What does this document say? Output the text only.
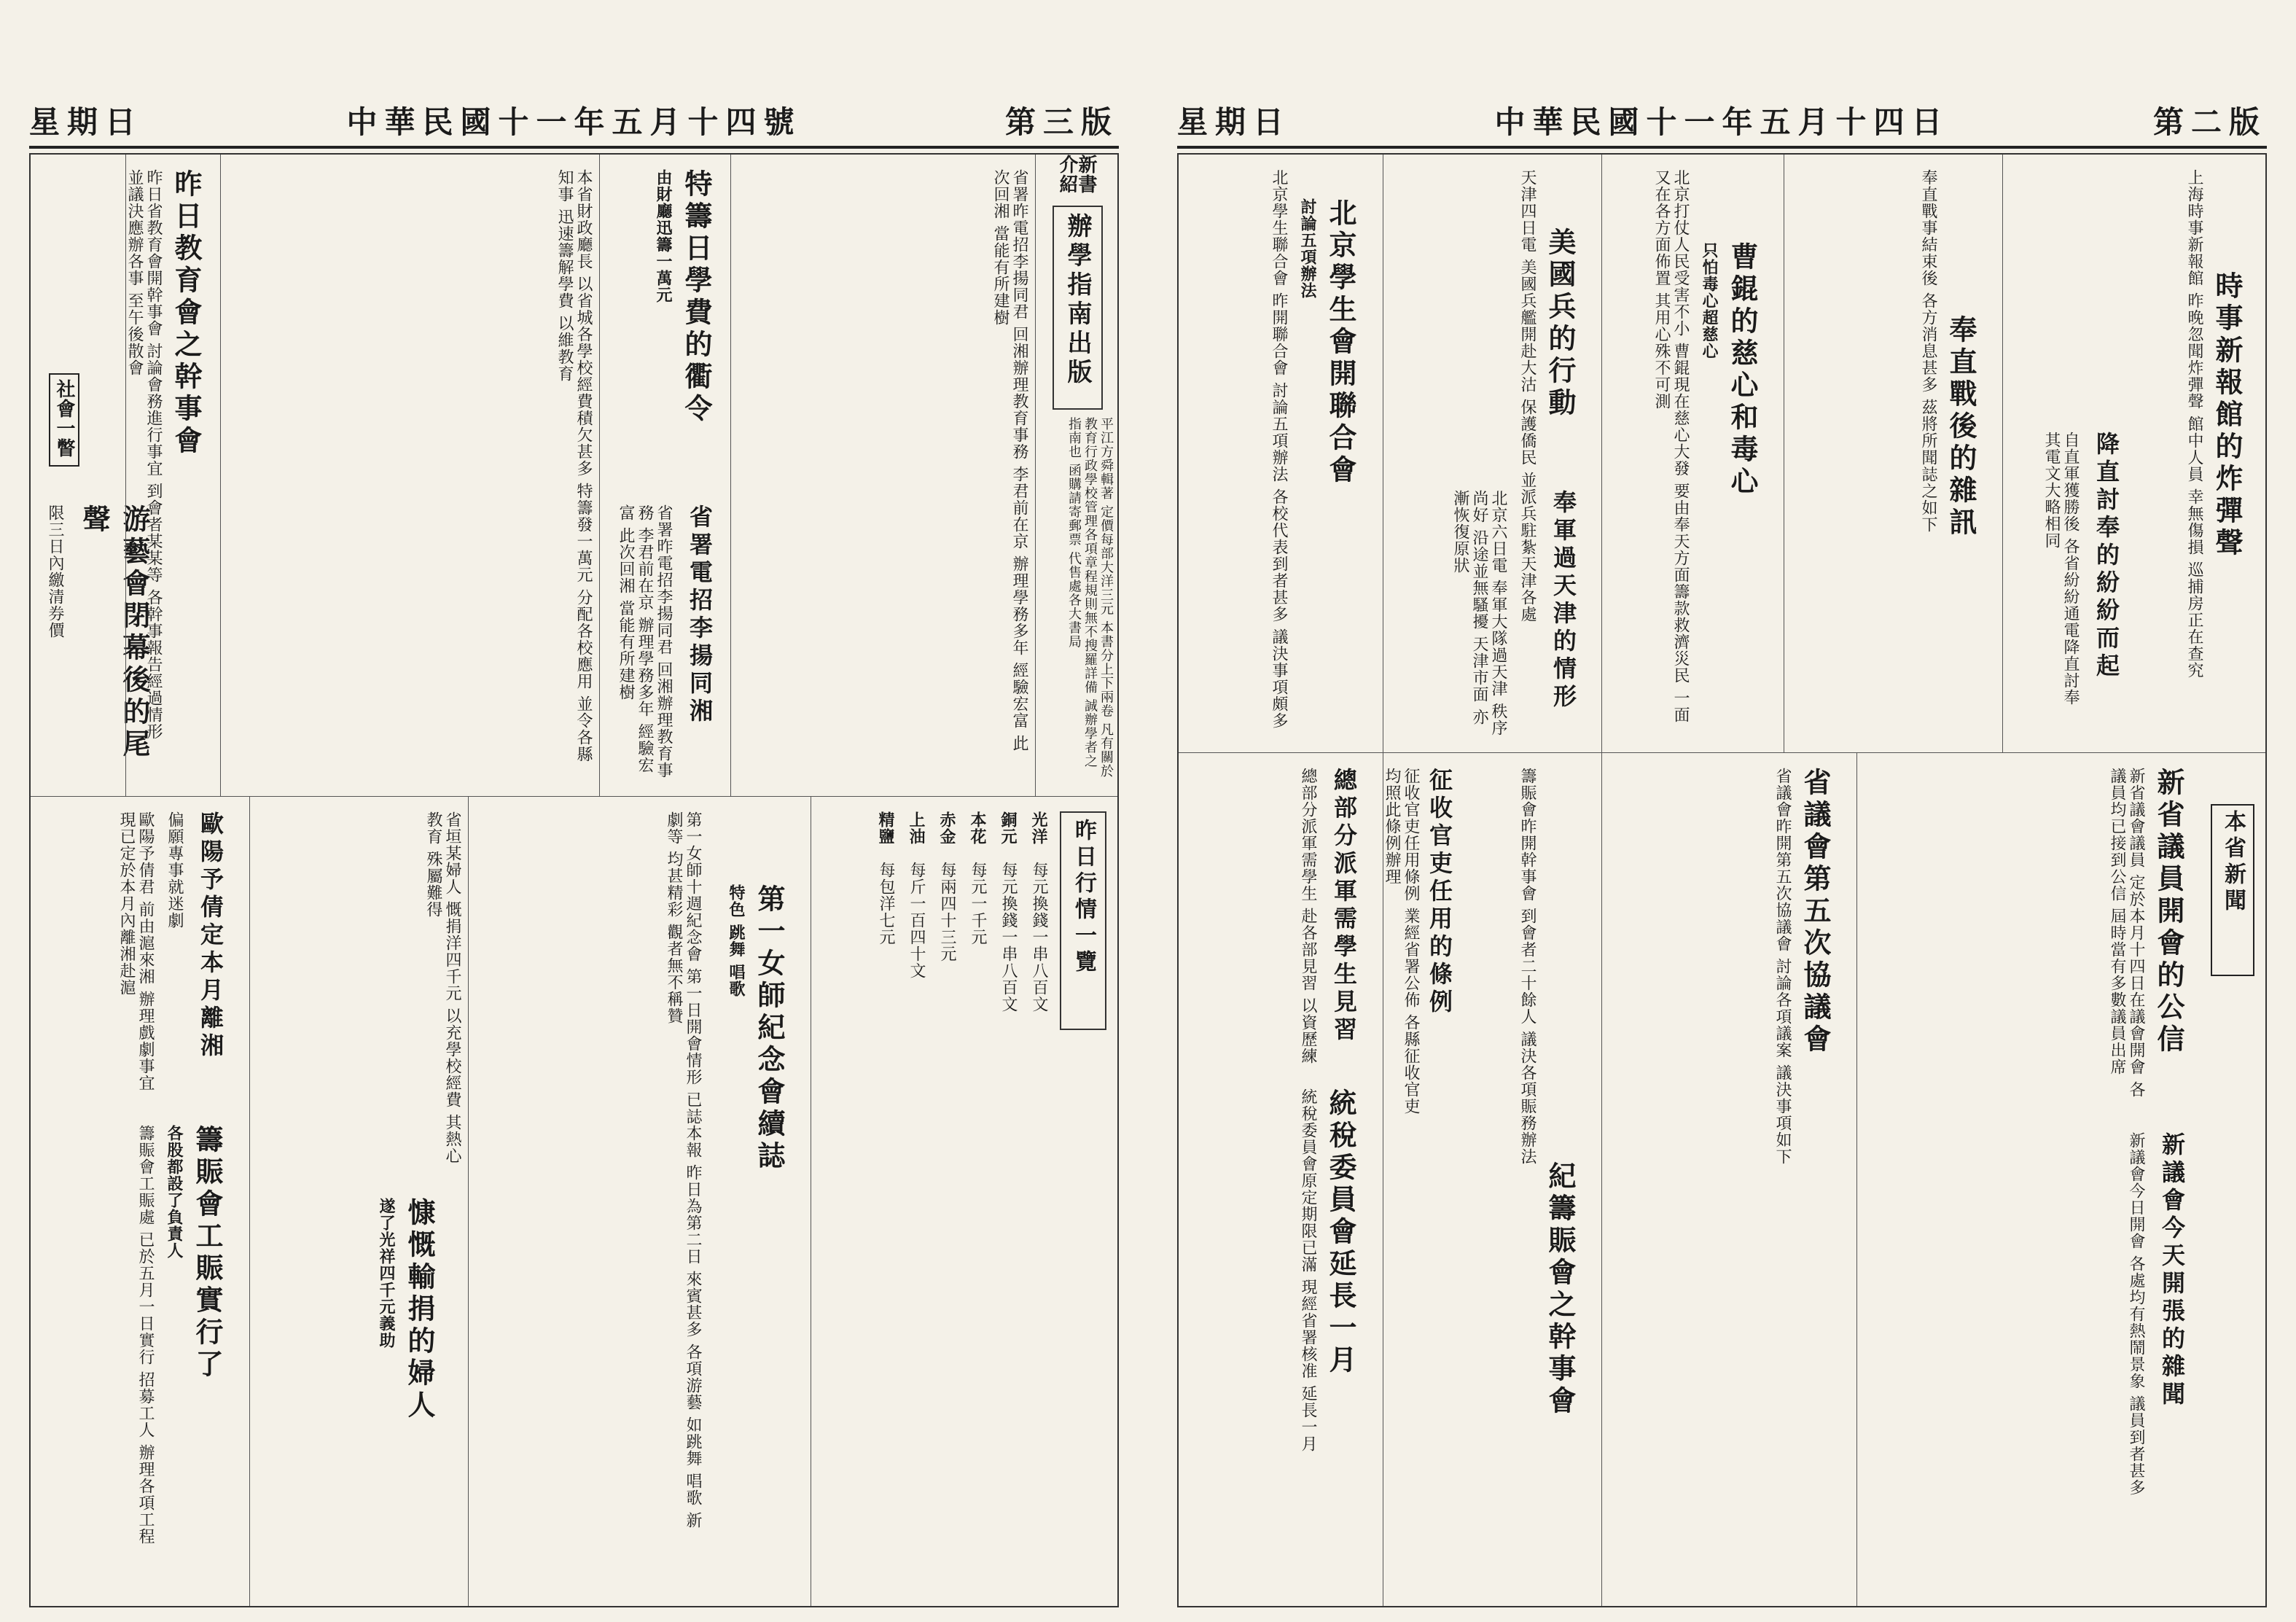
星期日	中華民國十一年五月十四號	第三版
社會一瞥
游藝會閉幕後的尾聲
限三日內繳清券價
昨日教育會之幹事會
昨日省教育會開幹事會 討論會務進行事宜 到會者某某等 各幹事報告經過情形 並議決應辦各事 至午後散會	本省財政廳長 以省城各學校經費積欠甚多 特籌發一萬元 分配各校應用 並令各縣知事 迅速籌解學費 以維教育	特籌日學費的衢令
由財廳迅籌一萬元
省署電招李揚同湘
省署昨電招李揚同君 回湘辦理教育事務 李君前在京 辦理學務多年 經驗宏富 此次回湘 當能有所建樹	省署昨電招李揚同君 回湘辦理教育事務 李君前在京 辦理學務多年 經驗宏富 此次回湘 當能有所建樹	新書介紹
辦學指南出版
平江方舜輯著 定價每部大洋三元 本書分上下兩卷 凡有關於教育行政學校管理各項章程規則無不搜羅詳備 誠辦學者之指南也 函購請寄郵票 代售處各大書局
籌賑會工賑實行了
各股都設了負責人
籌賑會工賑處 已於五月一日實行 招募工人 辦理各項工程
歐陽予倩定本月離湘
偏願專事就迷劇
歐陽予倩君 前由滬來湘 辦理戲劇事宜 現已定於本月內離湘赴滬
慷慨輸捐的婦人
遂了光祥四千元義助
省垣某婦人 慨捐洋四千元 以充學校經費 其熱心教育 殊屬難得
第一女師紀念會續誌
特色 跳舞 唱歌
第一女師十週紀念會 第一日開會情形 已誌本報 昨日為第二日 來賓甚多 各項游藝 如跳舞 唱歌 新劇等 均甚精彩 觀者無不稱贊	昨日行情一覽
光洋　每元換錢一串八百文
銅元　每元換錢一串八百文
本花　每元一千元
赤金　每兩四十三元
上油　每斤一百四十文
精鹽　每包洋七元
星期日	中華民國十一年五月十四日	第二版
北京學生會開聯合會
討論五項辦法
北京學生聯合會 昨開聯合會 討論五項辦法 各校代表到者甚多 議決事項頗多	美國兵的行動
天津四日電 美國兵艦開赴大沽 保護僑民 並派兵駐紮天津各處 奉軍過天津的情形
北京六日電 奉軍大隊過天津 秩序尚好 沿途並無騷擾 天津市面 亦漸恢復原狀
曹錕的慈心和毒心
只怕毒心超慈心
北京打仗人民受害不小 曹錕現在慈心大發 要由奉天方面籌款救濟災民 一面又在各方面佈置 其用心殊不可測
奉直戰後的雜訊
奉直戰事結束後 各方消息甚多 茲將所聞誌之如下	時事新報館的炸彈聲
上海時事新報館 昨晚忽聞炸彈聲 館中人員 幸無傷損 巡捕房正在查究
降直討奉的紛紛而起
自直軍獲勝後 各省紛紛通電降直討奉 其電文大略相同
統稅委員會延長一月
統稅委員會原定期限已滿 現經省署核准 延長一月
總部分派軍需學生見習
總部分派軍需學生 赴各部見習 以資歷練
紀籌賑會之幹事會
籌賑會昨開幹事會 到會者二十餘人 議決各項賑務辦法
征收官吏任用的條例
征收官吏任用條例 業經省署公佈 各縣征收官吏 均照此條例辦理	省議會第五次協議會
省議會昨開第五次協議會 討論各項議案 議決事項如下	本省新聞
新省議員開會的公信
新省議會議員 定於本月十四日在議會開會 各議員均已接到公信 屆時當有多數議員出席
新議會今天開張的雜聞
新議會今日開會 各處均有熱鬧景象 議員到者甚多
